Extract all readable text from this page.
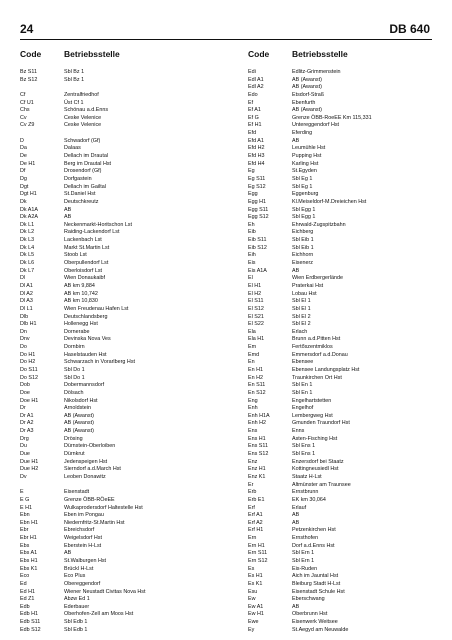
24	DB 640
Code	Betriebsstelle
Bz S11	Sbl Bz 1
Bz S12	Sbl Bz 1
Cf	Zentralfriedhof
Cf U1	Üst Cf 1
Chs	Schönau a.d.Enns
Cv	Ceske Velenice
Cv Z9	Ceske Velenice
D	Schwadorf (Gf)
Da	Dalaas
De	Dellach im Drautal
De H1	Berg im Drautal Hst
Df	Drosendorf (Gf)
Dg	Dorfgastein
Dgt	Dellach im Gailtal
Dgt H1	St.Daniel Hst
Dk	Deutschkreutz
Dk A1A	AB
Dk A2A	AB
Dk L1	Neckenmarkt-Horitschon Lst
Dk L2	Raiding-Lackendorf Lst
Dk L3	Lackenbach Lst
Dk L4	Markt St.Martin Lst
Dk L5	Stoob Lst
Dk L6	Oberpullendorf Lst
Dk L7	Oberloisdorf Lst
Dl	Wien Donaukaibf
Dl A1	AB km 9,884
Dl A2	AB km 10,742
Dl A3	AB km 10,830
Dl L1	Wien Freudenau Hafen Lst
Dlb	Deutschlandsberg
Dlb H1	Hollenegg Hst
Dn	Dornerabe
Dnv	Devinska Nova Ves
Do	Dornbirn
Do H1	Haselstauden Hst
Do H2	Schwarzach in Vorarlberg Hst
Do S11	Sbl Do 1
Do S12	Sbl Do 1
Dob	Dobermannsdorf
Doe	Dölsach
Doe H1	Nikolsdorf Hst
Dr	Arnoldstein
Dr A1	AB (Awanst)
Dr A2	AB (Awanst)
Dr A3	AB (Awanst)
Drg	Drösing
Du	Dürnstein-Oberloiben
Due	Dürnkrut
Due H1	Jedenspeigen Hst
Due H2	Sierndorf a.d.March Hst
Dv	Leoben Donawitz
E	Eisenstadt
E G	Grenze ÖBB-RÖeEE
E H1	Wulkaprodersdorf Haltestelle Hst
Ebn	Eben im Pongau
Ebn H1	Niedernfritz-St.Martin Hst
Ebr	Ebreichsdorf
Ebr H1	Weigelsdorf Hst
Ebs	Eberstein H-Lst
Ebs A1	AB
Ebs H1	St.Walburgen Hst
Ebs K1	Brückl H-Lst
Eco	Eco Plus
Ed	Obereggendorf
Ed H1	Wiener Neustadt Civitas Nova Hst
Ed Z1	Abzw Ed 1
Edb	Ederbauer
Edb H1	Oberhofen-Zell am Moos Hst
Edb S11	Sbl Edb 1
Edb S12	Sbl Edb 1
Code	Betriebsstelle
Edi	Edlitz-Grimmenstein
Edl A1	AB (Awanst)
Edl A2	AB (Awanst)
Edo	Etsdorf-Straß
Ef	Ebenfurth
Ef A1	AB (Awanst)
Ef G	Grenze ÖBB-RoeEE Km 115,331
Ef H1	Untereggendorf Hst
Efd	Eferding
Efd A1	AB
Efd H2	Leumühle Hst
Efd H3	Pupping Hst
Efd H4	Karling Hst
Eg	St.Egyden
Eg S11	Sbl Eg 1
Eg S12	Sbl Eg 1
Egg	Eggenburg
Egg H1	Kl.Meiseldorf-M.Dreieichen Hst
Egg S11	Sbl Egg 1
Egg S12	Sbl Egg 1
Eh	Ehrwald-Zugspitzbahn
Eib	Eichberg
Eib S11	Sbl Eib 1
Eib S12	Sbl Eib 1
Eih	Eichhorn
Eis	Eisenerz
Eis A1A	AB
El	Wien Erdbergerlände
El H1	Praterkai Hst
El H2	Lobau Hst
El S11	Sbl El 1
El S12	Sbl El 1
El S21	Sbl El 2
El S22	Sbl El 2
Ela	Erlach
Ela H1	Brunn a.d.Pitten Hst
Em	Fertőszentmiklos
Emd	Emmersdorf a.d.Donau
En	Ebensee
En H1	Ebensee Landungsplatz Hst
En H2	Traunkirchen Ort Hst
En S11	Sbl En 1
En S12	Sbl En 1
Eng	Engelhartstetten
Enh	Engelhof
Enh H1A	Lembergweg Hst
Enh H2	Gmunden Traundorf Hst
Ens	Enns
Ens H1	Asten-Fisching Hst
Ens S11	Sbl Ens 1
Ens S12	Sbl Ens 1
Enz	Enzersdorf bei Staatz
Enz H1	Kottingneusiedl Hst
Enz K1	Staatz H-Lst
Er	Altmünster am Traunsee
Erb	Ernstbrunn
Erb E1	EK km 30,064
Erf	Erlauf
Erf A1	AB
Erf A2	AB
Erf H1	Petzenkirchen Hst
Ern	Ernsthofen
Ern H1	Dorf a.d.Enns Hst
Ern S11	Sbl Ern 1
Ern S12	Sbl Ern 1
Es	Eis-Ruden
Es H1	Aich im Jauntal Hst
Es K1	Bleiburg Stadt H-Lst
Esu	Eisenstadt Schule Hst
Ew	Eberschwang
Ew A1	AB
Ew H1	Oberbrunn Hst
Ewe	Eisenwerk Weitsee
Ey	St.Aegyd am Neuwalde
